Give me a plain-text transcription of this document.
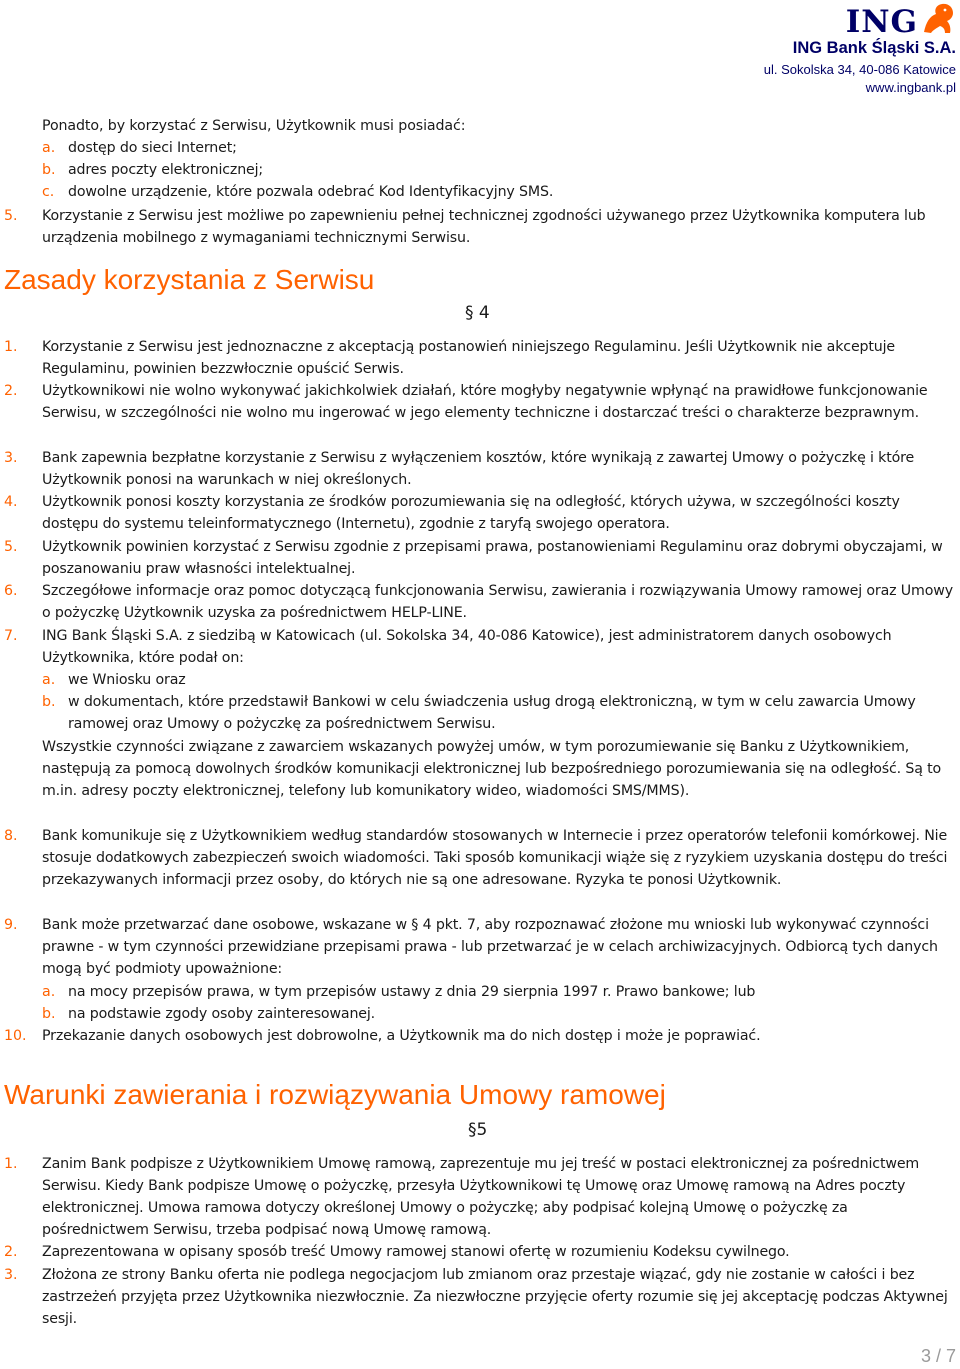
ING
ING Bank Śląski S.A.
ul. Sokolska 34, 40-086 Katowice
www.ingbank.pl
Ponadto, by korzystać z Serwisu, Użytkownik musi posiadać:
a. dostęp do sieci Internet;
b. adres poczty elektronicznej;
c. dowolne urządzenie, które pozwala odebrać Kod Identyfikacyjny SMS.
5. Korzystanie z Serwisu jest możliwe po zapewnieniu pełnej technicznej zgodności używanego przez Użytkownika komputera lub urządzenia mobilnego z wymaganiami technicznymi Serwisu.
Zasady korzystania z Serwisu
§ 4
1. Korzystanie z Serwisu jest jednoznaczne z akceptacją postanowień niniejszego Regulaminu. Jeśli Użytkownik nie akceptuje Regulaminu, powinien bezzwłocznie opuścić Serwis.
2. Użytkownikowi nie wolno wykonywać jakichkolwiek działań, które mogłyby negatywnie wpłynąć na prawidłowe funkcjonowanie Serwisu, w szczególności nie wolno mu ingerować w jego elementy techniczne i dostarczać treści o charakterze bezprawnym.
3. Bank zapewnia bezpłatne korzystanie z Serwisu z wyłączeniem kosztów, które wynikają z zawartej Umowy o pożyczkę i które Użytkownik ponosi na warunkach w niej określonych.
4. Użytkownik ponosi koszty korzystania ze środków porozumiewania się na odległość, których używa, w szczególności koszty dostępu do systemu teleinformatycznego (Internetu), zgodnie z taryfą swojego operatora.
5. Użytkownik powinien korzystać z Serwisu zgodnie z przepisami prawa, postanowieniami Regulaminu oraz dobrymi obyczajami, w poszanowaniu praw własności intelektualnej.
6. Szczegółowe informacje oraz pomoc dotyczącą funkcjonowania Serwisu, zawierania i rozwiązywania Umowy ramowej oraz Umowy o pożyczkę Użytkownik uzyska za pośrednictwem HELP-LINE.
7. ING Bank Śląski S.A. z siedzibą w Katowicach (ul. Sokolska 34, 40-086 Katowice), jest administratorem danych osobowych Użytkownika, które podał on:
a. we Wniosku oraz
b. w dokumentach, które przedstawił Bankowi w celu świadczenia usług drogą elektroniczną, w tym w celu zawarcia Umowy ramowej oraz Umowy o pożyczkę za pośrednictwem Serwisu.
Wszystkie czynności związane z zawarciem wskazanych powyżej umów, w tym porozumiewanie się Banku z Użytkownikiem, następują za pomocą dowolnych środków komunikacji elektronicznej lub bezpośredniego porozumiewania się na odległość. Są to m.in. adresy poczty elektronicznej, telefony lub komunikatory wideo, wiadomości SMS/MMS).
8. Bank komunikuje się z Użytkownikiem według standardów stosowanych w Internecie i przez operatorów telefonii komórkowej. Nie stosuje dodatkowych zabezpieczeń swoich wiadomości. Taki sposób komunikacji wiąże się z ryzykiem uzyskania dostępu do treści przekazywanych informacji przez osoby, do których nie są one adresowane. Ryzyka te ponosi Użytkownik.
9. Bank może przetwarzać dane osobowe, wskazane w § 4 pkt. 7, aby rozpoznawać złożone mu wnioski lub wykonywać czynności prawne - w tym czynności przewidziane przepisami prawa - lub przetwarzać je w celach archiwizacyjnych. Odbiorcą tych danych mogą być podmioty upoważnione:
a. na mocy przepisów prawa, w tym przepisów ustawy z dnia 29 sierpnia 1997 r. Prawo bankowe; lub
b. na podstawie zgody osoby zainteresowanej.
10. Przekazanie danych osobowych jest dobrowolne, a Użytkownik ma do nich dostęp i może je poprawiać.
Warunki zawierania i rozwiązywania Umowy ramowej
§5
1. Zanim Bank podpisze z Użytkownikiem Umowę ramową, zaprezentuje mu jej treść w postaci elektronicznej za pośrednictwem Serwisu. Kiedy Bank podpisze Umowę o pożyczkę, przesyła Użytkownikowi tę Umowę oraz Umowę ramową na Adres poczty elektronicznej. Umowa ramowa dotyczy określonej Umowy o pożyczkę; aby podpisać kolejną Umowę o pożyczkę za pośrednictwem Serwisu, trzeba podpisać nową Umowę ramową.
2. Zaprezentowana w opisany sposób treść Umowy ramowej stanowi ofertę w rozumieniu Kodeksu cywilnego.
3. Złożona ze strony Banku oferta nie podlega negocjacjom lub zmianom oraz przestaje wiązać, gdy nie zostanie w całości i bez zastrzeżeń przyjęta przez Użytkownika niezwłocznie. Za niezwłoczne przyjęcie oferty rozumie się jej akceptację podczas Aktywnej sesji.
3 / 7
